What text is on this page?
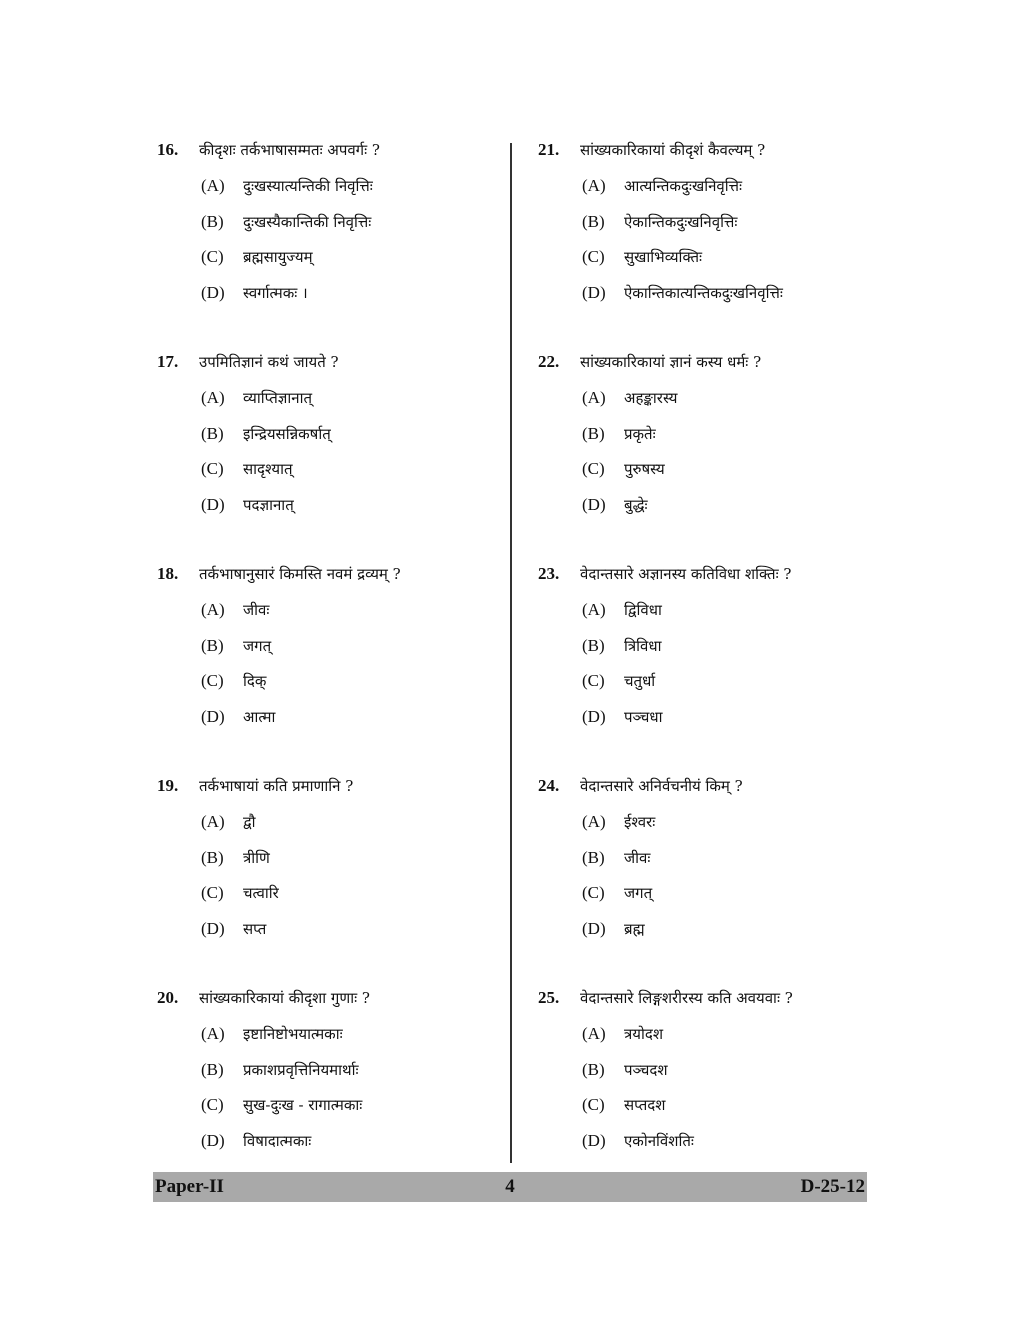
16.	कीदृशः तर्कभाषासम्मतः अपवर्गः ?
(A)	दुःखस्यात्यन्तिकी निवृत्तिः
(B)	दुःखस्यैकान्तिकी निवृत्तिः
(C)	ब्रह्मसायुज्यम्
(D)	स्वर्गात्मकः ।
17.	उपमितिज्ञानं कथं जायते ?
(A)	व्याप्तिज्ञानात्
(B)	इन्द्रियसन्निकर्षात्
(C)	सादृश्यात्
(D)	पदज्ञानात्
18.	तर्कभाषानुसारं किमस्ति नवमं द्रव्यम् ?
(A)	जीवः
(B)	जगत्
(C)	दिक्
(D)	आत्मा
19.	तर्कभाषायां कति प्रमाणानि ?
(A)	द्वौ
(B)	त्रीणि
(C)	चत्वारि
(D)	सप्त
20.	सांख्यकारिकायां कीदृशा गुणाः ?
(A)	इष्टानिष्टोभयात्मकाः
(B)	प्रकाशप्रवृत्तिनियमार्थाः
(C)	सुख-दुःख - रागात्मकाः
(D)	विषादात्मकाः
21.	सांख्यकारिकायां कीदृशं कैवल्यम् ?
(A)	आत्यन्तिकदुःखनिवृत्तिः
(B)	ऐकान्तिकदुःखनिवृत्तिः
(C)	सुखाभिव्यक्तिः
(D)	ऐकान्तिकात्यन्तिकदुःखनिवृत्तिः
22.	सांख्यकारिकायां ज्ञानं कस्य धर्मः ?
(A)	अहङ्कारस्य
(B)	प्रकृतेः
(C)	पुरुषस्य
(D)	बुद्धेः
23.	वेदान्तसारे अज्ञानस्य कतिविधा शक्तिः ?
(A)	द्विविधा
(B)	त्रिविधा
(C)	चतुर्धा
(D)	पञ्चधा
24.	वेदान्तसारे अनिर्वचनीयं किम् ?
(A)	ईश्वरः
(B)	जीवः
(C)	जगत्
(D)	ब्रह्म
25.	वेदान्तसारे लिङ्गशरीरस्य कति अवयवाः ?
(A)	त्रयोदश
(B)	पञ्चदश
(C)	सप्तदश
(D)	एकोनविंशतिः
Paper-II	4	D-25-12
